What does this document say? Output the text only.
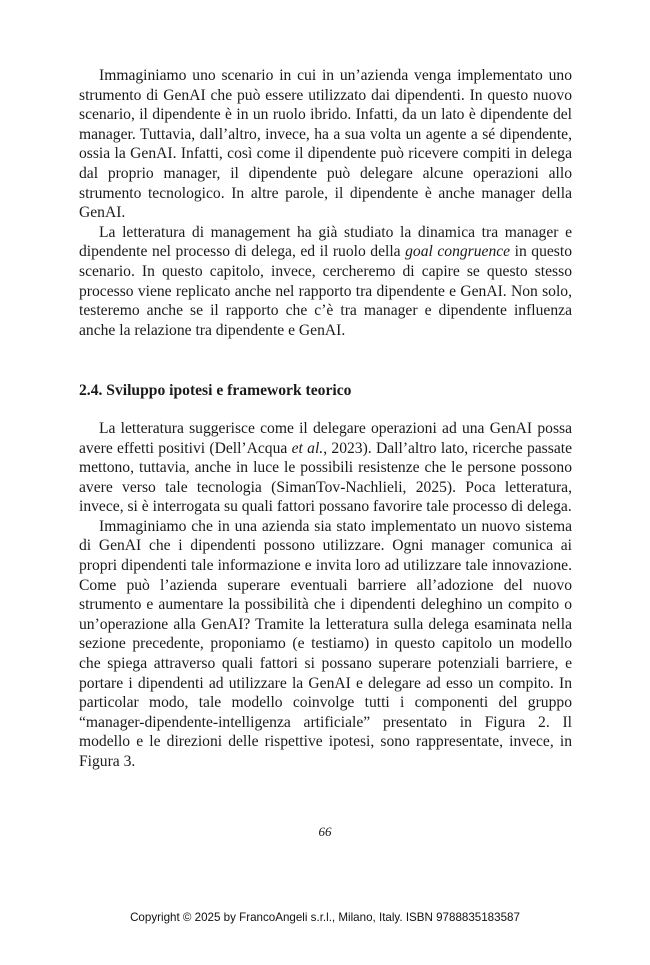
Immaginiamo uno scenario in cui in un’azienda venga implementato uno strumento di GenAI che può essere utilizzato dai dipendenti. In questo nuovo scenario, il dipendente è in un ruolo ibrido. Infatti, da un lato è dipendente del manager. Tuttavia, dall’altro, invece, ha a sua volta un agente a sé dipendente, ossia la GenAI. Infatti, così come il dipendente può ricevere compiti in delega dal proprio manager, il dipendente può delegare alcune operazioni allo strumento tecnologico. In altre parole, il dipendente è anche manager della GenAI.

La letteratura di management ha già studiato la dinamica tra manager e dipendente nel processo di delega, ed il ruolo della goal congruence in questo scenario. In questo capitolo, invece, cercheremo di capire se questo stesso processo viene replicato anche nel rapporto tra dipendente e GenAI. Non solo, testeremo anche se il rapporto che c’è tra manager e dipendente influenza anche la relazione tra dipendente e GenAI.

2.4. Sviluppo ipotesi e framework teorico

La letteratura suggerisce come il delegare operazioni ad una GenAI possa avere effetti positivi (Dell’Acqua et al., 2023). Dall’altro lato, ricerche passate mettono, tuttavia, anche in luce le possibili resistenze che le persone possono avere verso tale tecnologia (SimanTov-Nachlieli, 2025). Poca letteratura, invece, si è interrogata su quali fattori possano favorire tale processo di delega.

Immaginiamo che in una azienda sia stato implementato un nuovo sistema di GenAI che i dipendenti possono utilizzare. Ogni manager comunica ai propri dipendenti tale informazione e invita loro ad utilizzare tale innovazione. Come può l’azienda superare eventuali barriere all’adozione del nuovo strumento e aumentare la possibilità che i dipendenti deleghino un compito o un’operazione alla GenAI? Tramite la letteratura sulla delega esaminata nella sezione precedente, proponiamo (e testiamo) in questo capitolo un modello che spiega attraverso quali fattori si possano superare potenziali barriere, e portare i dipendenti ad utilizzare la GenAI e delegare ad esso un compito. In particolar modo, tale modello coinvolge tutti i componenti del gruppo “manager-dipendente-intelligenza artificiale” presentato in Figura 2. Il modello e le direzioni delle rispettive ipotesi, sono rappresentate, invece, in Figura 3.

66
Copyright © 2025 by FrancoAngeli s.r.l., Milano, Italy. ISBN 9788835183587
